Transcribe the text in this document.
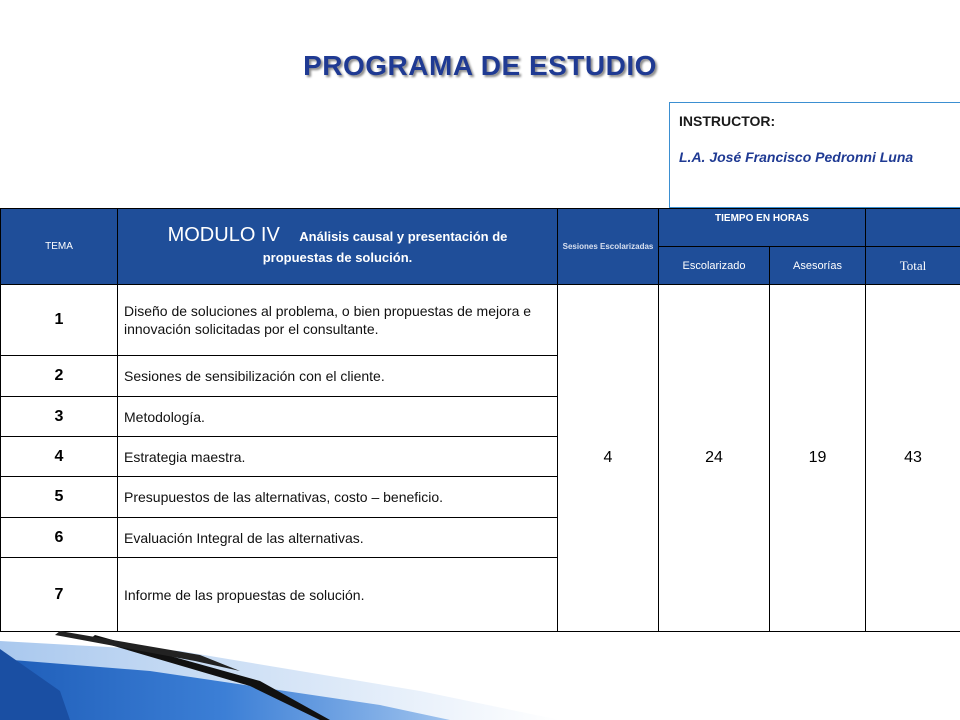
PROGRAMA DE ESTUDIO
INSTRUCTOR:
L.A. José Francisco Pedronni Luna
TEMA	MODULO IV Análisis causal y presentación de
propuestas de solución.	Sesiones Escolarizadas	TIEMPO EN HORAS		
			Escolarizado	Asesorías	Total
1	Diseño de soluciones al problema, o bien propuestas de mejora e innovación solicitadas por el consultante.	4	24	19	43
2	Sesiones de sensibilización con el cliente.				
3	Metodología.				
4	Estrategia maestra.				
5	Presupuestos de las alternativas, costo – beneficio.				
6	Evaluación Integral de las alternativas.				
7	Informe de las propuestas de solución.				
